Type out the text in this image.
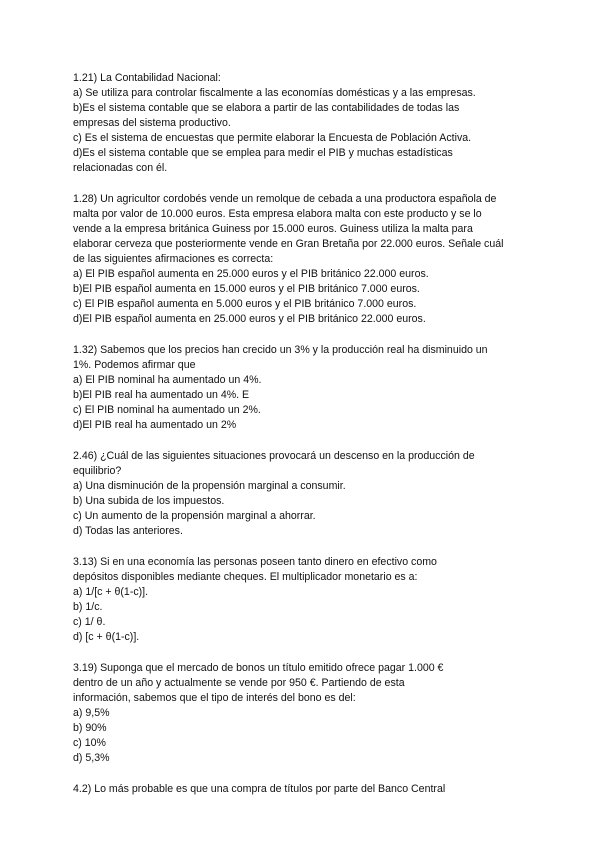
1.21) La Contabilidad Nacional:
a) Se utiliza para controlar fiscalmente a las economías domésticas y a las empresas.
b)Es el sistema contable que se elabora a partir de las contabilidades de todas las
empresas del sistema productivo.
c) Es el sistema de encuestas que permite elaborar la Encuesta de Población Activa.
d)Es el sistema contable que se emplea para medir el PIB y muchas estadísticas
relacionadas con él.
1.28) Un agricultor cordobés vende un remolque de cebada a una productora española de
malta por valor de 10.000 euros. Esta empresa elabora malta con este producto y se lo
vende a la empresa británica Guiness por 15.000 euros. Guiness utiliza la malta para
elaborar cerveza que posteriormente vende en Gran Bretaña por 22.000 euros. Señale cuál
de las siguientes afirmaciones es correcta:
a) El PIB español aumenta en 25.000 euros y el PIB británico 22.000 euros.
b)El PIB español aumenta en 15.000 euros y el PIB británico 7.000 euros.
c) El PIB español aumenta en 5.000 euros y el PIB británico 7.000 euros.
d)El PIB español aumenta en 25.000 euros y el PIB británico 22.000 euros.
1.32) Sabemos que los precios han crecido un 3% y la producción real ha disminuido un
1%. Podemos afirmar que
a) El PIB nominal ha aumentado un 4%.
b)El PIB real ha aumentado un 4%. E
c) El PIB nominal ha aumentado un 2%.
d)El PIB real ha aumentado un 2%
2.46) ¿Cuál de las siguientes situaciones provocará un descenso en la producción de
equilibrio?
a) Una disminución de la propensión marginal a consumir.
b) Una subida de los impuestos.
c) Un aumento de la propensión marginal a ahorrar.
d) Todas las anteriores.
3.13) Si en una economía las personas poseen tanto dinero en efectivo como
depósitos disponibles mediante cheques. El multiplicador monetario es a:
a) 1/[c + θ(1-c)].
b) 1/c.
c) 1/ θ.
d) [c + θ(1-c)].
3.19) Suponga que el mercado de bonos un título emitido ofrece pagar 1.000 €
dentro de un año y actualmente se vende por 950 €. Partiendo de esta
información, sabemos que el tipo de interés del bono es del:
a) 9,5%
b) 90%
c) 10%
d) 5,3%
4.2) Lo más probable es que una compra de títulos por parte del Banco Central
